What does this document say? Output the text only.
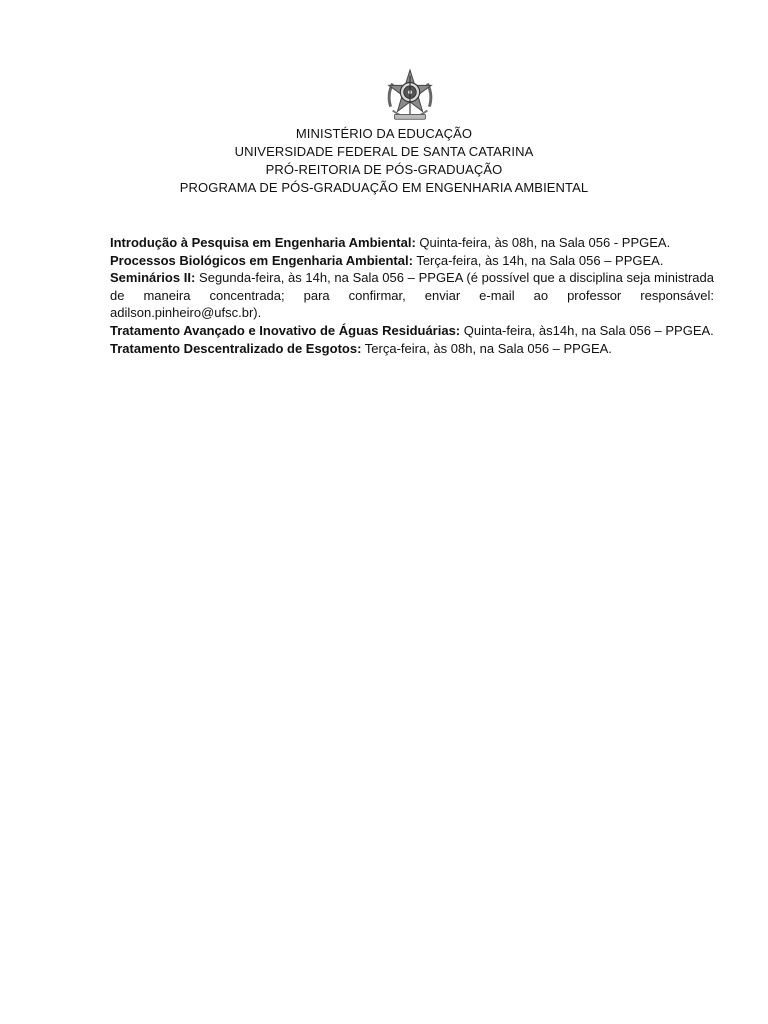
MINISTÉRIO DA EDUCAÇÃO
UNIVERSIDADE FEDERAL DE SANTA CATARINA
PRÓ-REITORIA DE PÓS-GRADUAÇÃO
PROGRAMA DE PÓS-GRADUAÇÃO EM ENGENHARIA AMBIENTAL

Introdução à Pesquisa em Engenharia Ambiental: Quinta-feira, às 08h, na Sala 056 - PPGEA.

Processos Biológicos em Engenharia Ambiental: Terça-feira, às 14h, na Sala 056 – PPGEA.

Seminários II: Segunda-feira, às 14h, na Sala 056 – PPGEA (é possível que a disciplina seja ministrada de maneira concentrada; para confirmar, enviar e-mail ao professor responsável: adilson.pinheiro@ufsc.br).

Tratamento Avançado e Inovativo de Águas Residuárias: Quinta-feira, às14h, na Sala 056 – PPGEA.

Tratamento Descentralizado de Esgotos: Terça-feira, às 08h, na Sala 056 – PPGEA.
